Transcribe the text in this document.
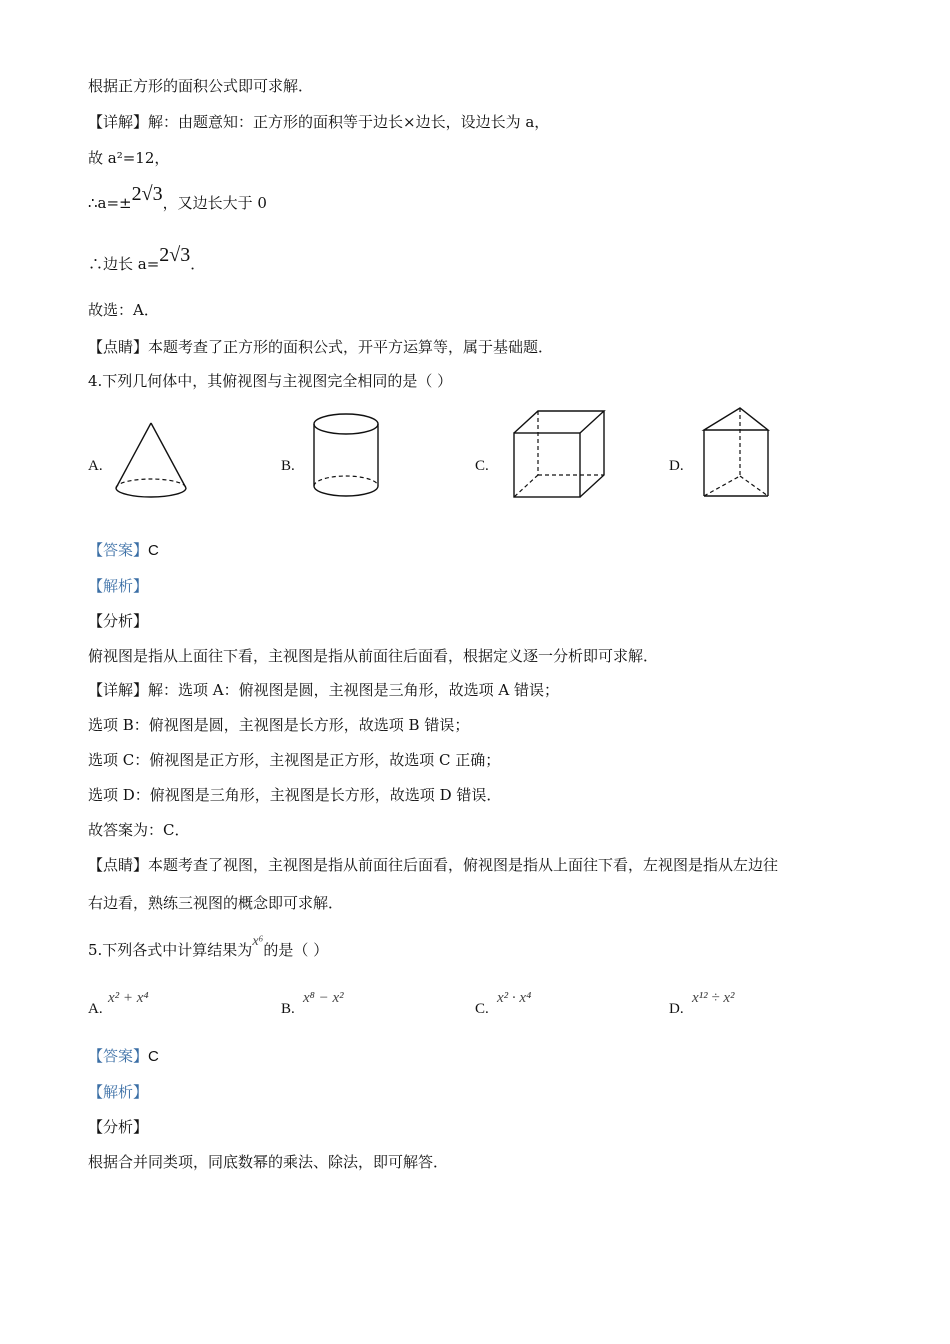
根据正方形的面积公式即可求解．
【详解】解：由题意知：正方形的面积等于边长×边长，设边长为 a，
故 a²=12，
∴a=±2√3，又边长大于 0
∴边长 a=2√3．
故选：A．
【点睛】本题考查了正方形的面积公式，开平方运算等，属于基础题．
4.下列几何体中，其俯视图与主视图完全相同的是（ ）
A.	B.	C.	D.
【答案】C
【解析】
【分析】
俯视图是指从上面往下看，主视图是指从前面往后面看，根据定义逐一分析即可求解．
【详解】解：选项 A：俯视图是圆，主视图是三角形，故选项 A 错误；
选项 B：俯视图是圆，主视图是长方形，故选项 B 错误；
选项 C：俯视图是正方形，主视图是正方形，故选项 C 正确；
选项 D：俯视图是三角形，主视图是长方形，故选项 D 错误．
故答案为：C．
【点睛】本题考查了视图，主视图是指从前面往后面看，俯视图是指从上面往下看，左视图是指从左边往
右边看，熟练三视图的概念即可求解．
5.下列各式中计算结果为x⁶的是（ ）
A.
x² + x⁴
B.
x⁸ − x²
C.
x² · x⁴
D.
x¹² ÷ x²
【答案】C
【解析】
【分析】
根据合并同类项，同底数幂的乘法、除法，即可解答．
